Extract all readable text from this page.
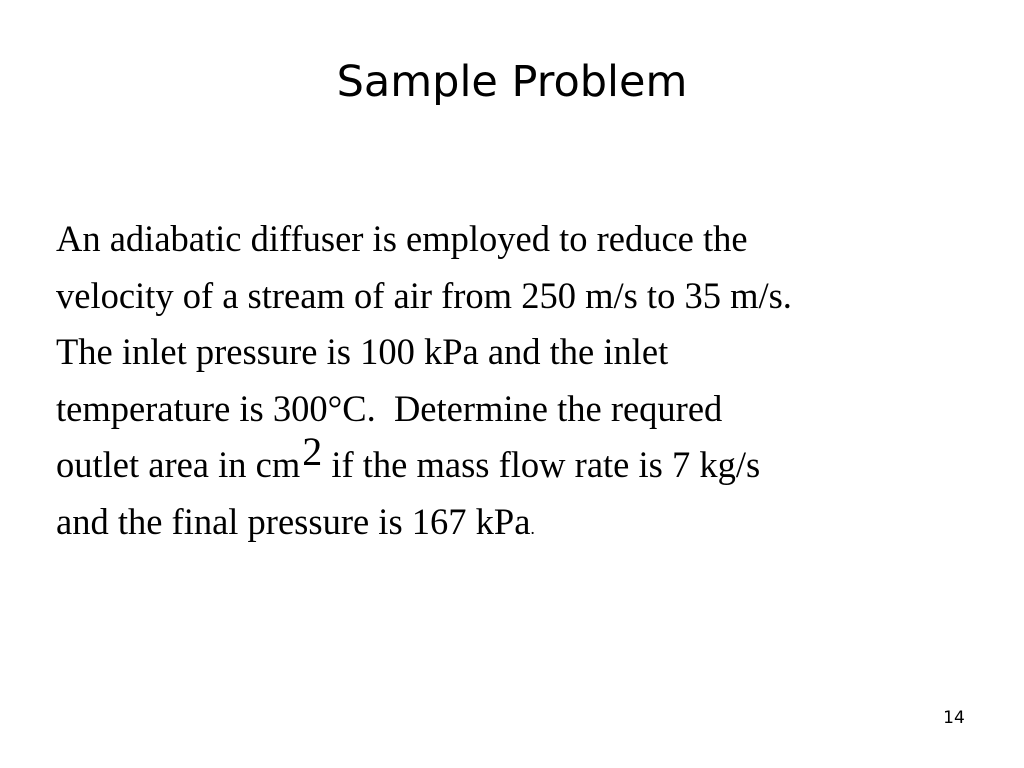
Sample Problem
An adiabatic diffuser is employed to reduce the
velocity of a stream of air from 250 m/s to 35 m/s.
The inlet pressure is 100 kPa and the inlet
temperature is 300°C.  Determine the requred
outlet area in cm2 if the mass flow rate is 7 kg/s
and the final pressure is 167 kPa.
14
